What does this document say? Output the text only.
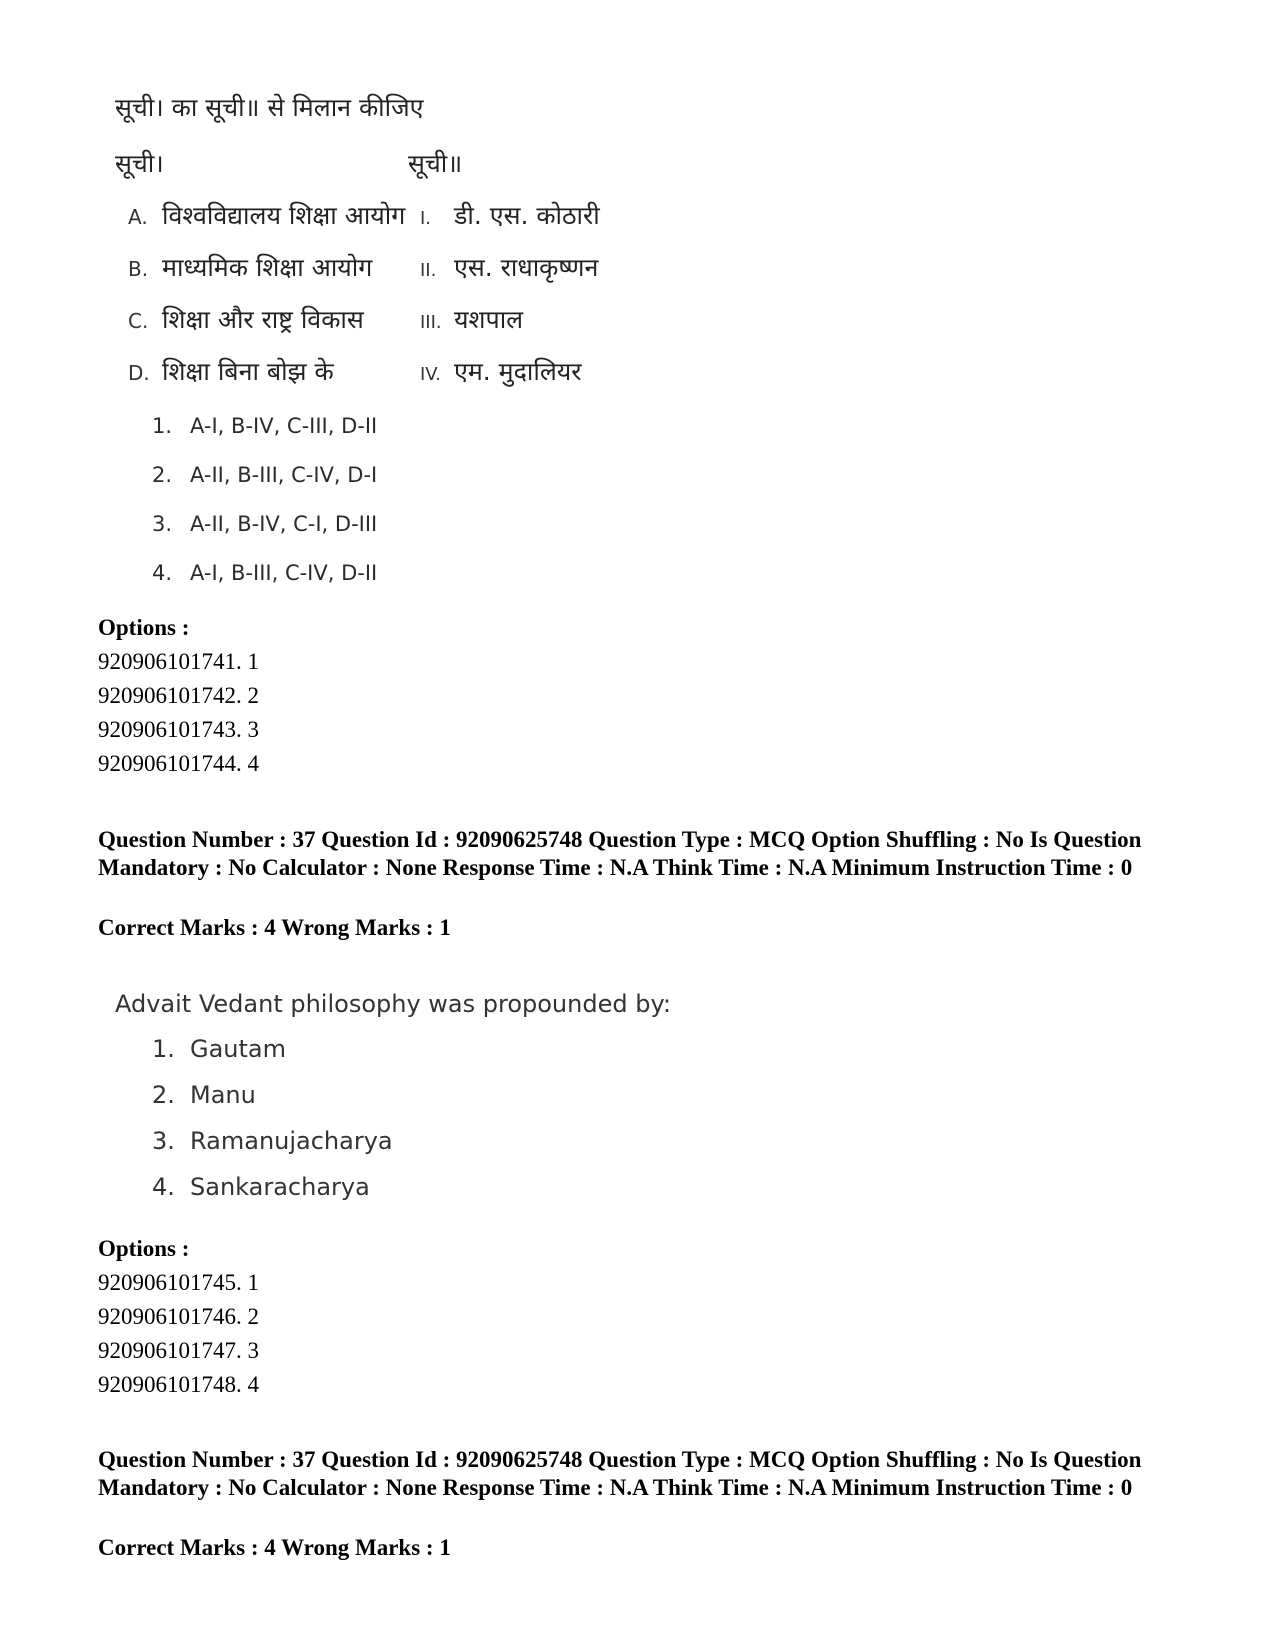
सूची। का सूची॥ से मिलान कीजिए
सूची।	सूची॥
A. विश्वविद्यालय शिक्षा आयोग
B. माध्यमिक शिक्षा आयोग
C. शिक्षा और राष्ट्र विकास
D. शिक्षा बिना बोझ के
I. डी. एस. कोठारी
II. एस. राधाकृष्णन
III. यशपाल
IV. एम. मुदालियर
1. A-I, B-IV, C-III, D-II
2. A-II, B-III, C-IV, D-I
3. A-II, B-IV, C-I, D-III
4. A-I, B-III, C-IV, D-II
Options :
920906101741. 1
920906101742. 2
920906101743. 3
920906101744. 4
Question Number : 37 Question Id : 92090625748 Question Type : MCQ Option Shuffling : No Is Question Mandatory : No Calculator : None Response Time : N.A Think Time : N.A Minimum Instruction Time : 0
Correct Marks : 4 Wrong Marks : 1
Advait Vedant philosophy was propounded by:
1. Gautam
2. Manu
3. Ramanujacharya
4. Sankaracharya
Options :
920906101745. 1
920906101746. 2
920906101747. 3
920906101748. 4
Question Number : 37 Question Id : 92090625748 Question Type : MCQ Option Shuffling : No Is Question Mandatory : No Calculator : None Response Time : N.A Think Time : N.A Minimum Instruction Time : 0
Correct Marks : 4 Wrong Marks : 1
